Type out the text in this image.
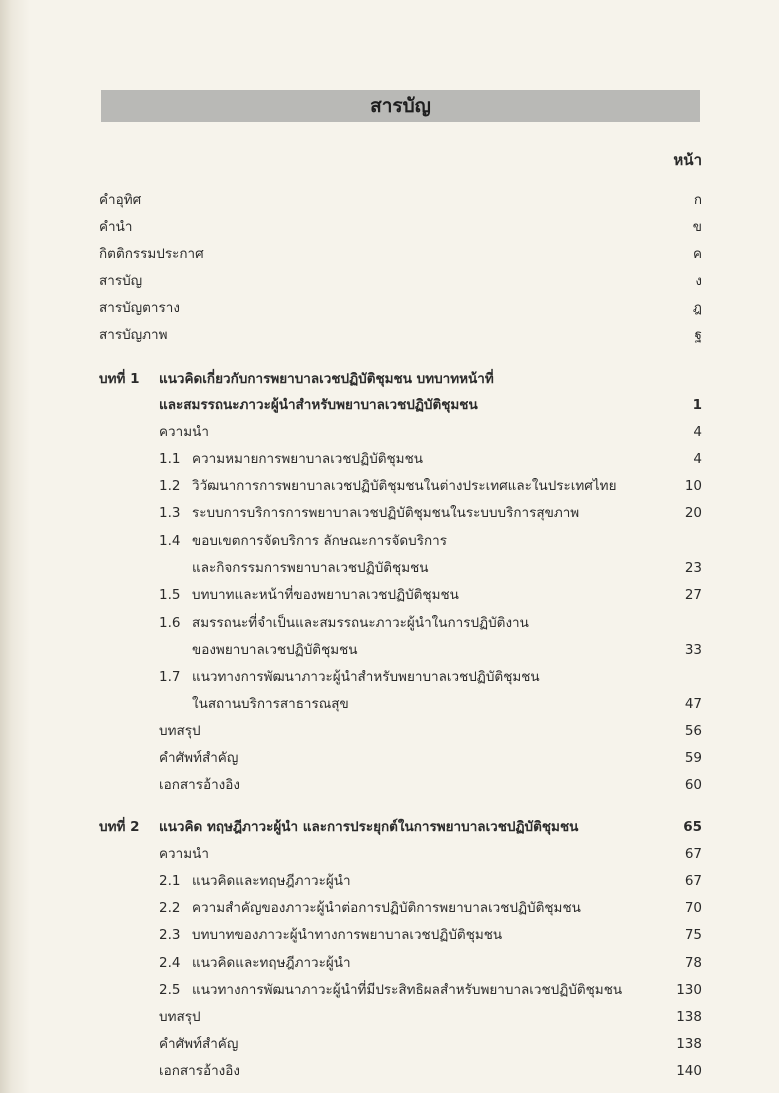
สารบัญ
หน้า
คำอุทิศ	ก
คำนำ	ข
กิตติกรรมประกาศ	ค
สารบัญ	ง
สารบัญตาราง	ฎ
สารบัญภาพ	ฐ
บทที่ 1 แนวคิดเกี่ยวกับการพยาบาลเวชปฏิบัติชุมชน บทบาทหน้าที่
และสมรรถนะภาวะผู้นำสำหรับพยาบาลเวชปฏิบัติชุมชน	1
ความนำ	4
1.1 ความหมายการพยาบาลเวชปฏิบัติชุมชน	4
1.2 วิวัฒนาการการพยาบาลเวชปฏิบัติชุมชนในต่างประเทศและในประเทศไทย	10
1.3 ระบบการบริการการพยาบาลเวชปฏิบัติชุมชนในระบบบริการสุขภาพ	20
1.4 ขอบเขตการจัดบริการ ลักษณะการจัดบริการ
และกิจกรรมการพยาบาลเวชปฏิบัติชุมชน	23
1.5 บทบาทและหน้าที่ของพยาบาลเวชปฏิบัติชุมชน	27
1.6 สมรรถนะที่จำเป็นและสมรรถนะภาวะผู้นำในการปฏิบัติงาน
ของพยาบาลเวชปฏิบัติชุมชน	33
1.7 แนวทางการพัฒนาภาวะผู้นำสำหรับพยาบาลเวชปฏิบัติชุมชน
ในสถานบริการสาธารณสุข	47
บทสรุป	56
คำศัพท์สำคัญ	59
เอกสารอ้างอิง	60
บทที่ 2 แนวคิด ทฤษฎีภาวะผู้นำ และการประยุกต์ในการพยาบาลเวชปฏิบัติชุมชน	65
ความนำ	67
2.1 แนวคิดและทฤษฎีภาวะผู้นำ	67
2.2 ความสำคัญของภาวะผู้นำต่อการปฏิบัติการพยาบาลเวชปฏิบัติชุมชน	70
2.3 บทบาทของภาวะผู้นำทางการพยาบาลเวชปฏิบัติชุมชน	75
2.4 แนวคิดและทฤษฎีภาวะผู้นำ	78
2.5 แนวทางการพัฒนาภาวะผู้นำที่มีประสิทธิผลสำหรับพยาบาลเวชปฏิบัติชุมชน	130
บทสรุป	138
คำศัพท์สำคัญ	138
เอกสารอ้างอิง	140
